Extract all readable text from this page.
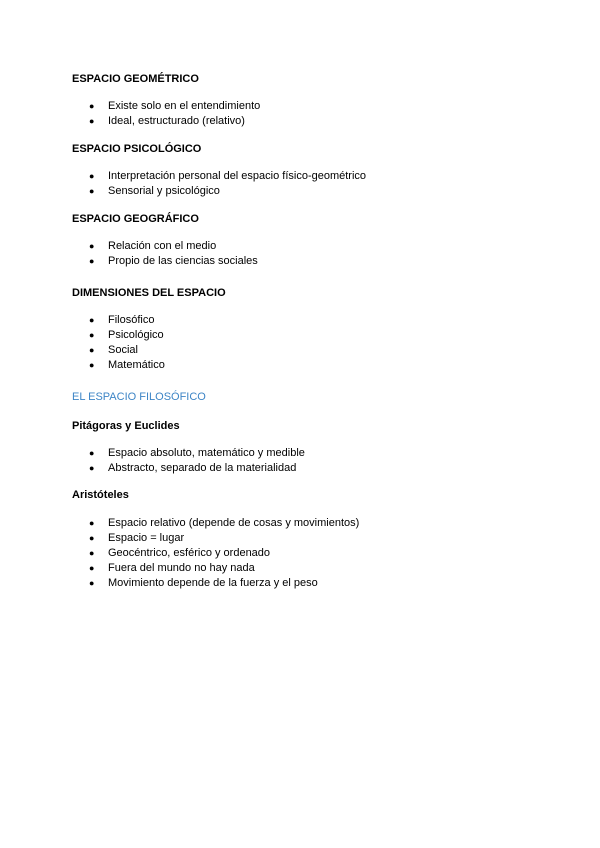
ESPACIO GEOMÉTRICO

● Existe solo en el entendimiento
● Ideal, estructurado (relativo)

ESPACIO PSICOLÓGICO

● Interpretación personal del espacio físico-geométrico
● Sensorial y psicológico

ESPACIO GEOGRÁFICO

● Relación con el medio
● Propio de las ciencias sociales

DIMENSIONES DEL ESPACIO

● Filosófico
● Psicológico
● Social
● Matemático

EL ESPACIO FILOSÓFICO

Pitágoras y Euclides

● Espacio absoluto, matemático y medible
● Abstracto, separado de la materialidad

Aristóteles

● Espacio relativo (depende de cosas y movimientos)
● Espacio = lugar
● Geocéntrico, esférico y ordenado
● Fuera del mundo no hay nada
● Movimiento depende de la fuerza y el peso
